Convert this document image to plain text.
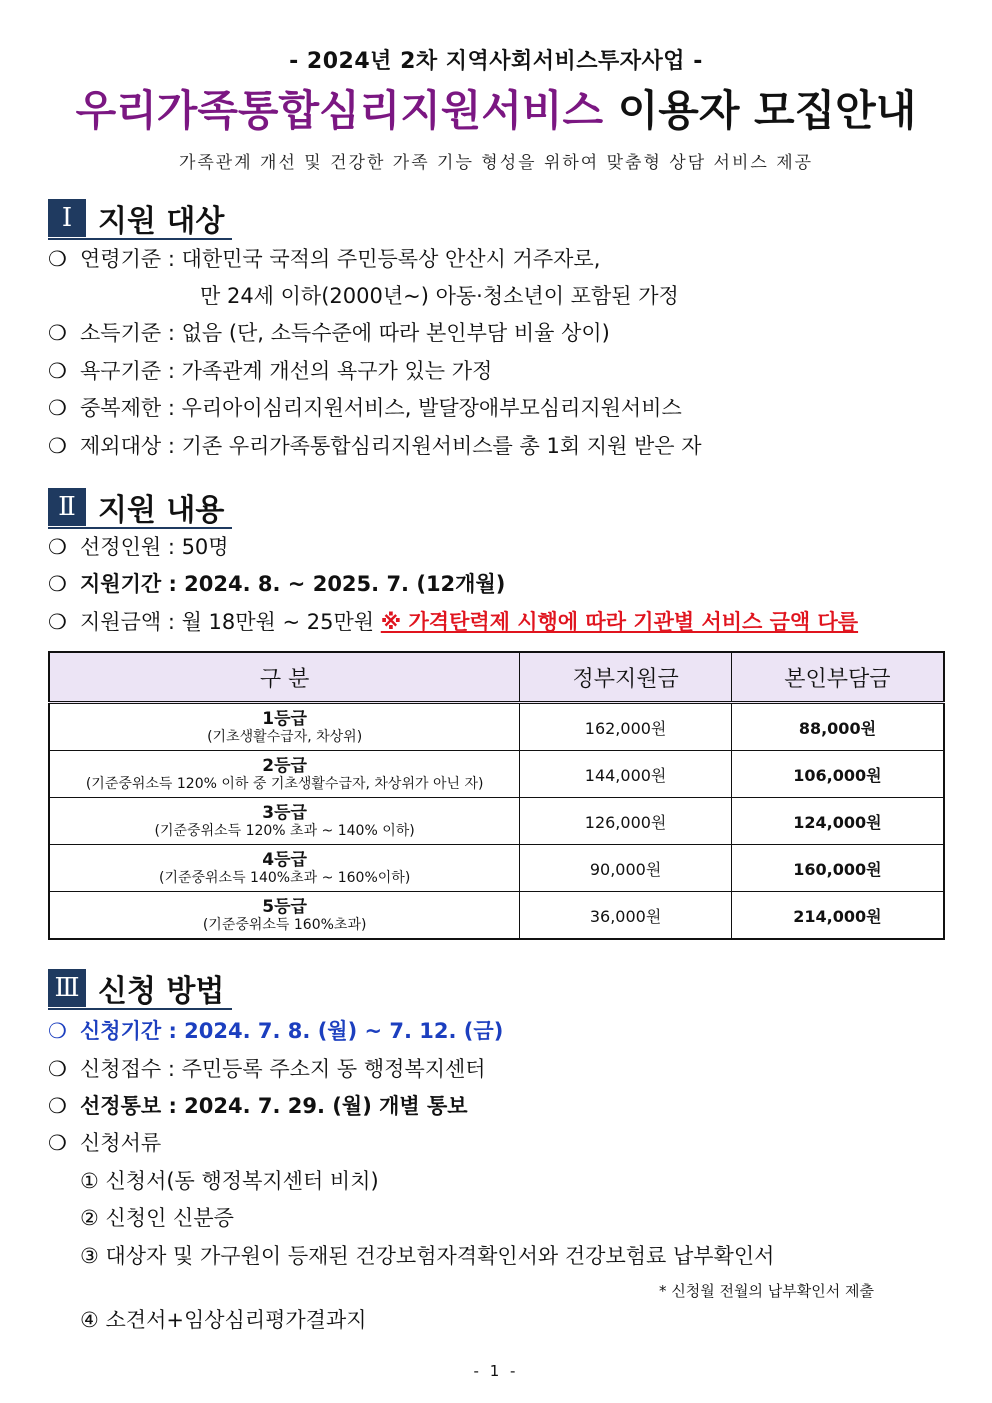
- 2024년 2차 지역사회서비스투자사업 -
우리가족통합심리지원서비스 이용자 모집안내
가족관계 개선 및 건강한 가족 기능 형성을 위하여 맞춤형 상담 서비스 제공
Ⅰ 지원 대상
❍ 연령기준 : 대한민국 국적의 주민등록상 안산시 거주자로,
만 24세 이하(2000년~) 아동·청소년이 포함된 가정
❍ 소득기준 : 없음 (단, 소득수준에 따라 본인부담 비율 상이)
❍ 욕구기준 : 가족관계 개선의 욕구가 있는 가정
❍ 중복제한 : 우리아이심리지원서비스, 발달장애부모심리지원서비스
❍ 제외대상 : 기존 우리가족통합심리지원서비스를 총 1회 지원 받은 자
Ⅱ 지원 내용
❍ 선정인원 : 50명
❍ 지원기간 : 2024. 8. ~ 2025. 7. (12개월)
❍ 지원금액 : 월 18만원 ~ 25만원 ※ 가격탄력제 시행에 따라 기관별 서비스 금액 다름
구 분	정부지원금	본인부담금

1등급
(기초생활수급자, 차상위)	162,000원	88,000원

2등급
(기준중위소득 120% 이하 중 기초생활수급자, 차상위가 아닌 자)	144,000원	106,000원

3등급
(기준중위소득 120% 초과 ~ 140% 이하)	126,000원	124,000원

4등급
(기준중위소득 140%초과 ~ 160%이하)	90,000원	160,000원

5등급
(기준중위소득 160%초과)	36,000원	214,000원
Ⅲ 신청 방법
❍ 신청기간 : 2024. 7. 8. (월) ~ 7. 12. (금)
❍ 신청접수 : 주민등록 주소지 동 행정복지센터
❍ 선정통보 : 2024. 7. 29. (월) 개별 통보
❍ 신청서류
① 신청서(동 행정복지센터 비치)
② 신청인 신분증
③ 대상자 및 가구원이 등재된 건강보험자격확인서와 건강보험료 납부확인서
* 신청월 전월의 납부확인서 제출
④ 소견서+임상심리평가결과지
- 1 -
